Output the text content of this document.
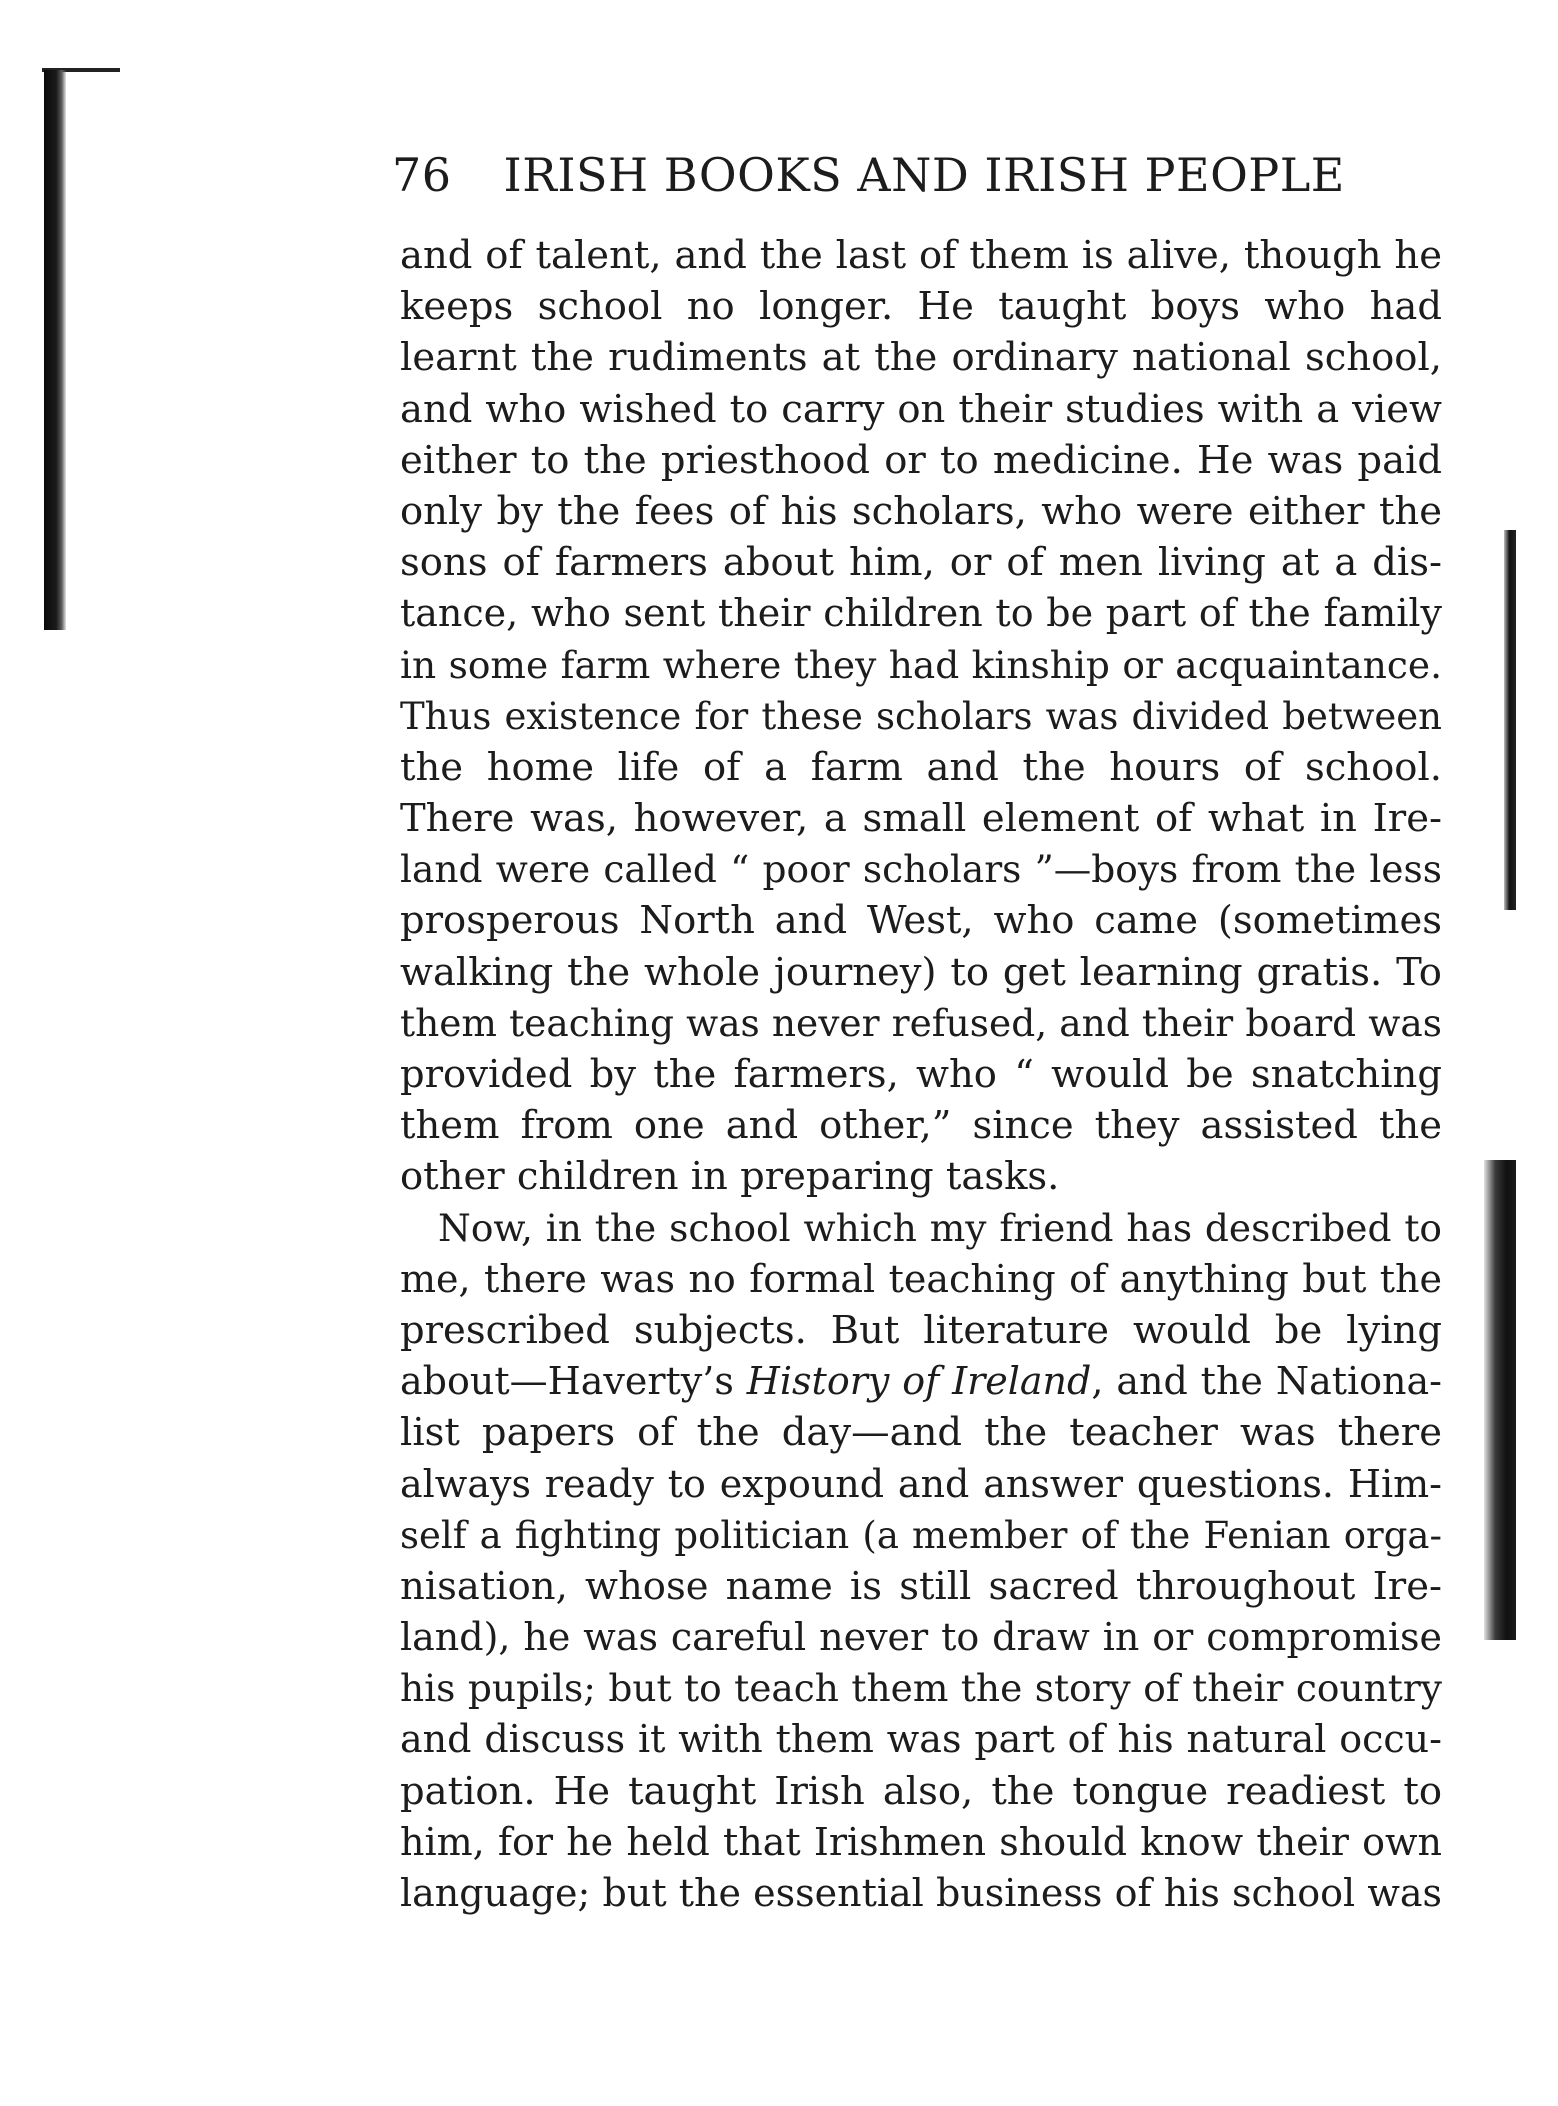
76 IRISH BOOKS AND IRISH PEOPLE
and of talent, and the last of them is alive, though he
keeps school no longer. He taught boys who had
learnt the rudiments at the ordinary national school,
and who wished to carry on their studies with a view
either to the priesthood or to medicine. He was paid
only by the fees of his scholars, who were either the
sons of farmers about him, or of men living at a dis-
tance, who sent their children to be part of the family
in some farm where they had kinship or acquaintance.
Thus existence for these scholars was divided between
the home life of a farm and the hours of school.
There was, however, a small element of what in Ire-
land were called “ poor scholars ”—boys from the less
prosperous North and West, who came (sometimes
walking the whole journey) to get learning gratis. To
them teaching was never refused, and their board was
provided by the farmers, who “ would be snatching
them from one and other,” since they assisted the
other children in preparing tasks.
Now, in the school which my friend has described to
me, there was no formal teaching of anything but the
prescribed subjects. But literature would be lying
about—Haverty’s History of Ireland, and the Nationa-
list papers of the day—and the teacher was there
always ready to expound and answer questions. Him-
self a fighting politician (a member of the Fenian orga-
nisation, whose name is still sacred throughout Ire-
land), he was careful never to draw in or compromise
his pupils; but to teach them the story of their country
and discuss it with them was part of his natural occu-
pation. He taught Irish also, the tongue readiest to
him, for he held that Irishmen should know their own
language; but the essential business of his school was
